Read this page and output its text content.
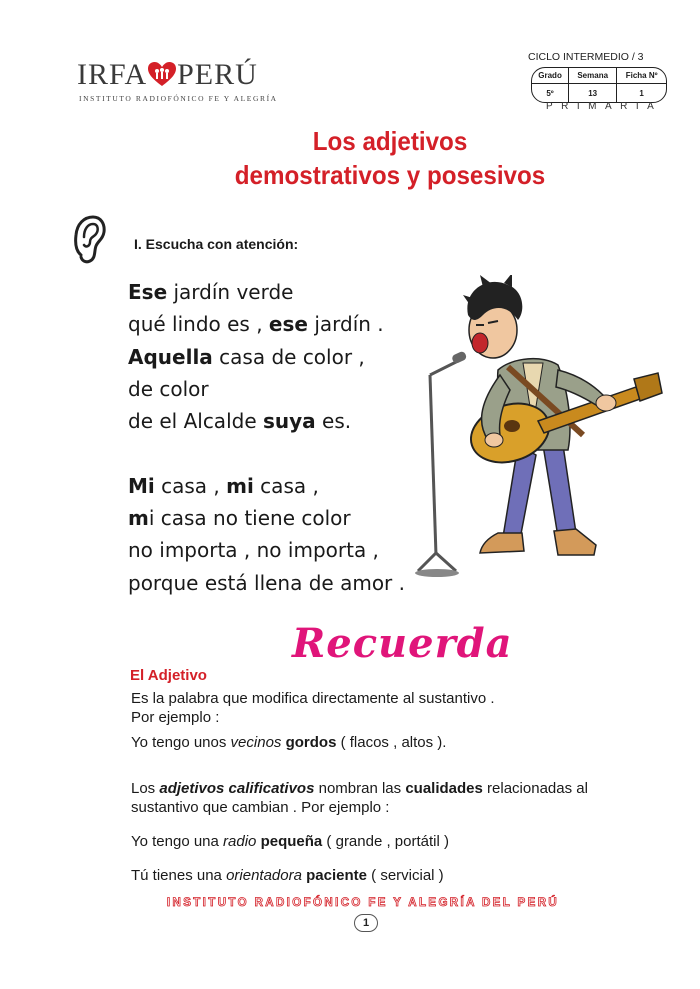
IRFA PERÚ
INSTITUTO RADIOFÓNICO FE Y ALEGRÍA
CICLO INTERMEDIO / 3
Grado	Semana	Ficha Nº
5º	13	1
PRIMARIA
Los adjetivos
demostrativos y posesivos
I. Escucha con atención:
Ese jardín verde
qué lindo es , ese jardín .
Aquella casa de color ,
de color
de el Alcalde suya es.
Mi casa , mi casa ,
mi casa no tiene color
no importa , no importa ,
porque está llena de amor .
Recuerda
El Adjetivo
Es la palabra que modifica directamente al sustantivo .
Por ejemplo :
Yo tengo unos vecinos gordos ( flacos , altos ).
Los adjetivos calificativos nombran las cualidades relacionadas al
sustantivo que cambian . Por ejemplo :
Yo tengo una radio pequeña ( grande , portátil )
Tú tienes una orientadora paciente ( servicial )
INSTITUTO RADIOFÓNICO FE Y ALEGRÍA DEL PERÚ
1
